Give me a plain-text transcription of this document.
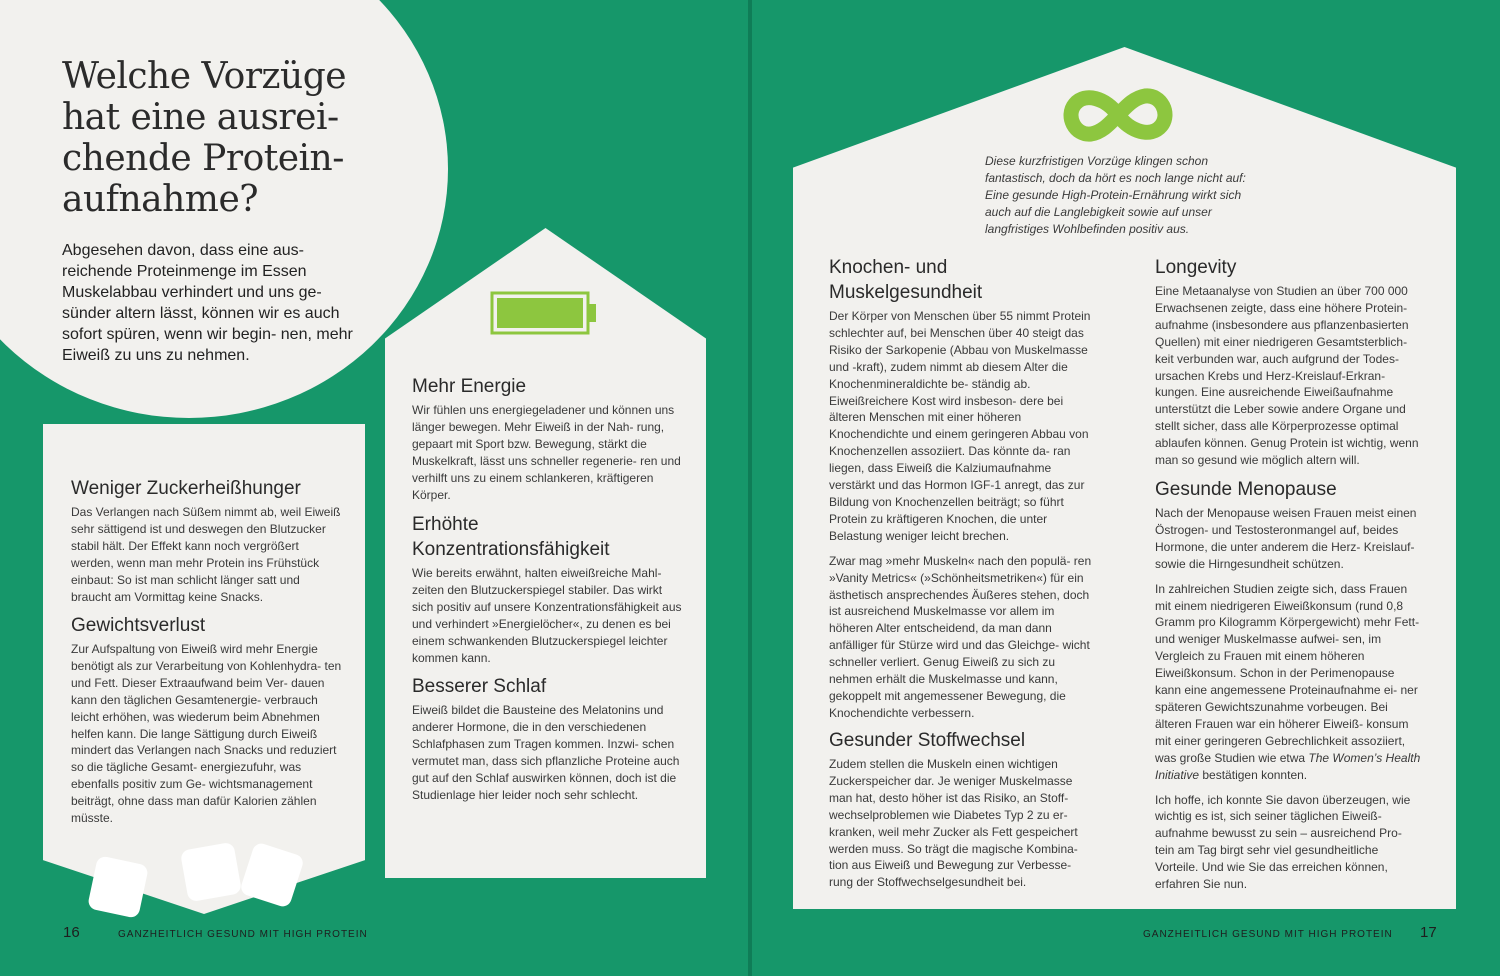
Welche Vorzüge
hat eine ausrei-
chende Protein-
aufnahme?

Abgesehen davon, dass eine aus- reichende Proteinmenge im Essen Muskelabbau verhindert und uns ge- sünder altern lässt, können wir es auch sofort spüren, wenn wir begin- nen, mehr Eiweiß zu uns zu nehmen.

Weniger Zuckerheißhunger

Das Verlangen nach Süßem nimmt ab, weil Eiweiß sehr sättigend ist und deswegen den Blutzucker stabil hält. Der Effekt kann noch vergrößert werden, wenn man mehr Protein ins Frühstück einbaut: So ist man schlicht länger satt und braucht am Vormittag keine Snacks.

Gewichtsverlust

Zur Aufspaltung von Eiweiß wird mehr Energie benötigt als zur Verarbeitung von Kohlenhydra- ten und Fett. Dieser Extraaufwand beim Ver- dauen kann den täglichen Gesamtenergie- verbrauch leicht erhöhen, was wiederum beim Abnehmen helfen kann. Die lange Sättigung durch Eiweiß mindert das Verlangen nach Snacks und reduziert so die tägliche Gesamt- energiezufuhr, was ebenfalls positiv zum Ge- wichtsmanagement beiträgt, ohne dass man dafür Kalorien zählen müsste.

Mehr Energie

Wir fühlen uns energiegeladener und können uns länger bewegen. Mehr Eiweiß in der Nah- rung, gepaart mit Sport bzw. Bewegung, stärkt die Muskelkraft, lässt uns schneller regenerie- ren und verhilft uns zu einem schlankeren, kräftigeren Körper.

Erhöhte Konzentrationsfähigkeit

Wie bereits erwähnt, halten eiweißreiche Mahl- zeiten den Blutzuckerspiegel stabiler. Das wirkt sich positiv auf unsere Konzentrationsfähigkeit aus und verhindert »Energielöcher«, zu denen es bei einem schwankenden Blutzuckerspiegel leichter kommen kann.

Besserer Schlaf

Eiweiß bildet die Bausteine des Melatonins und anderer Hormone, die in den verschiedenen Schlafphasen zum Tragen kommen. Inzwi- schen vermutet man, dass sich pflanzliche Proteine auch gut auf den Schlaf auswirken können, doch ist die Studienlage hier leider noch sehr schlecht.

16	GANZHEITLICH GESUND MIT HIGH PROTEIN

Diese kurzfristigen Vorzüge klingen schon fantastisch, doch da hört es noch lange nicht auf: Eine gesunde High-Protein-Ernährung wirkt sich auch auf die Langlebigkeit sowie auf unser langfristiges Wohlbefinden positiv aus.

Knochen- und Muskelgesundheit

Der Körper von Menschen über 55 nimmt Protein schlechter auf, bei Menschen über 40 steigt das Risiko der Sarkopenie (Abbau von Muskelmasse und -kraft), zudem nimmt ab diesem Alter die Knochenmineraldichte be- ständig ab. Eiweißreichere Kost wird insbeson- dere bei älteren Menschen mit einer höheren Knochendichte und einem geringeren Abbau von Knochenzellen assoziiert. Das könnte da- ran liegen, dass Eiweiß die Kalziumaufnahme verstärkt und das Hormon IGF-1 anregt, das zur Bildung von Knochenzellen beiträgt; so führt Protein zu kräftigeren Knochen, die unter Belastung weniger leicht brechen.

Zwar mag »mehr Muskeln« nach den populä- ren »Vanity Metrics« (»Schönheitsmetriken«) für ein ästhetisch ansprechendes Äußeres stehen, doch ist ausreichend Muskelmasse vor allem im höheren Alter entscheidend, da man dann anfälliger für Stürze wird und das Gleichge- wicht schneller verliert. Genug Eiweiß zu sich zu nehmen erhält die Muskelmasse und kann, gekoppelt mit angemessener Bewegung, die Knochendichte verbessern.

Gesunder Stoffwechsel

Zudem stellen die Muskeln einen wichtigen Zuckerspeicher dar. Je weniger Muskelmasse man hat, desto höher ist das Risiko, an Stoff- wechselproblemen wie Diabetes Typ 2 zu er- kranken, weil mehr Zucker als Fett gespeichert werden muss. So trägt die magische Kombina- tion aus Eiweiß und Bewegung zur Verbesse- rung der Stoffwechselgesundheit bei.

Longevity

Eine Metaanalyse von Studien an über 700 000 Erwachsenen zeigte, dass eine höhere Protein- aufnahme (insbesondere aus pflanzenbasierten Quellen) mit einer niedrigeren Gesamtsterblich- keit verbunden war, auch aufgrund der Todes- ursachen Krebs und Herz-Kreislauf-Erkran- kungen. Eine ausreichende Eiweißaufnahme unterstützt die Leber sowie andere Organe und stellt sicher, dass alle Körperprozesse optimal ablaufen können. Genug Protein ist wichtig, wenn man so gesund wie möglich altern will.

Gesunde Menopause

Nach der Menopause weisen Frauen meist einen Östrogen- und Testosteronmangel auf, beides Hormone, die unter anderem die Herz- Kreislauf- sowie die Hirngesundheit schützen.

In zahlreichen Studien zeigte sich, dass Frauen mit einem niedrigeren Eiweißkonsum (rund 0,8 Gramm pro Kilogramm Körpergewicht) mehr Fett- und weniger Muskelmasse aufwei- sen, im Vergleich zu Frauen mit einem höheren Eiweißkonsum. Schon in der Perimenopause kann eine angemessene Proteinaufnahme ei- ner späteren Gewichtszunahme vorbeugen. Bei älteren Frauen war ein höherer Eiweiß- konsum mit einer geringeren Gebrechlichkeit assoziiert, was große Studien wie etwa The Women’s Health Initiative bestätigen konnten.

Ich hoffe, ich konnte Sie davon überzeugen, wie wichtig es ist, sich seiner täglichen Eiweiß- aufnahme bewusst zu sein – ausreichend Pro- tein am Tag birgt sehr viel gesundheitliche Vorteile. Und wie Sie das erreichen können, erfahren Sie nun.

GANZHEITLICH GESUND MIT HIGH PROTEIN 17
